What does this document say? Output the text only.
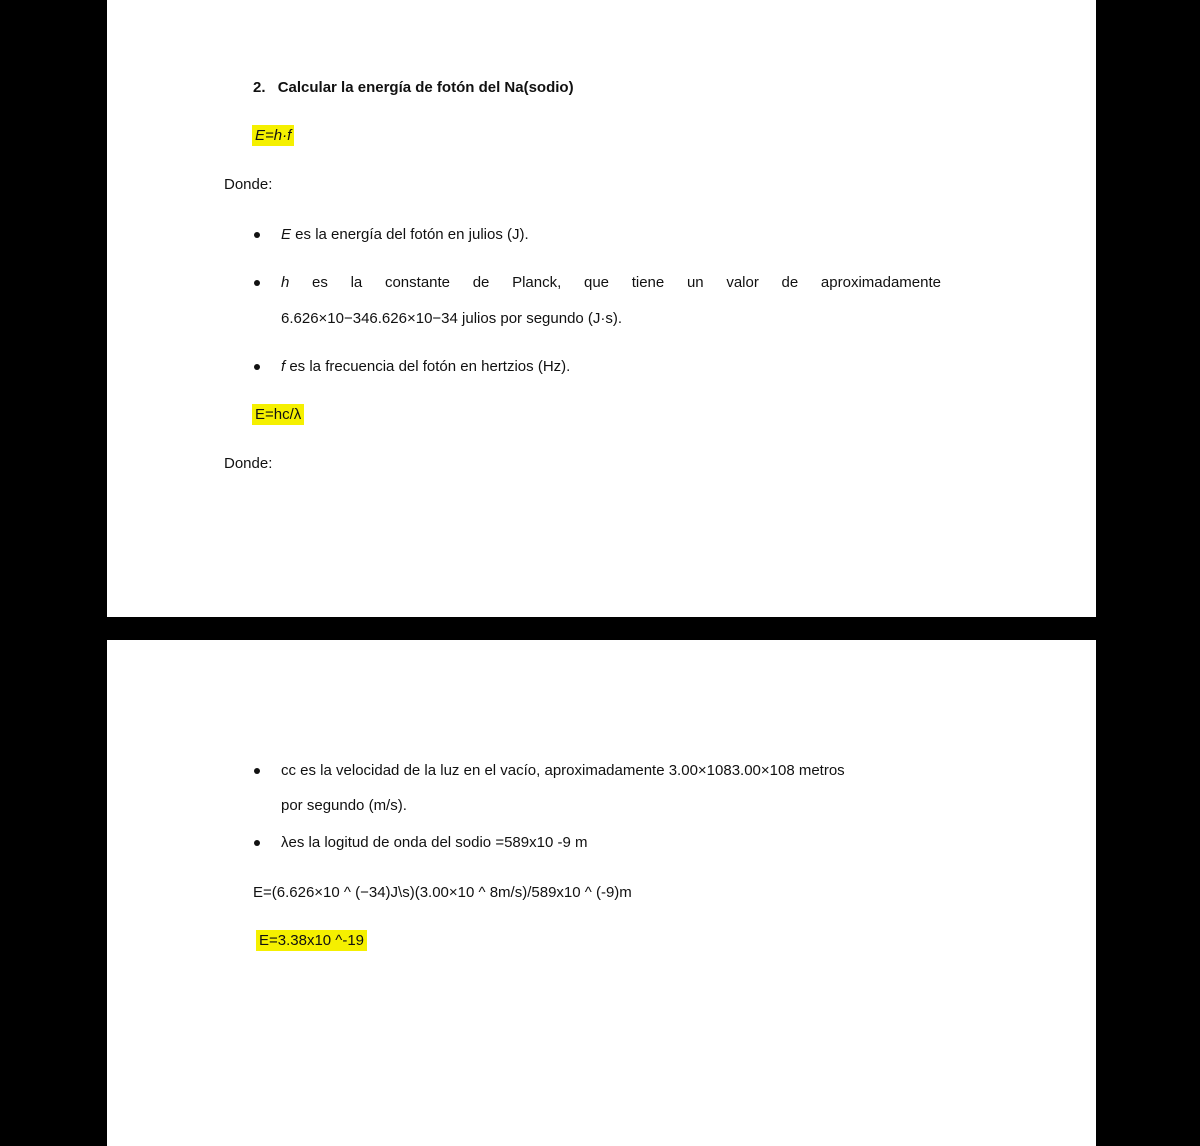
2. Calcular la energía de fotón del Na(sodio)
E=h·f
Donde:
E es la energía del fotón en julios (J).
h es la constante de Planck, que tiene un valor de aproximadamente
6.626×10−346.626×10−34 julios por segundo (J·s).
f es la frecuencia del fotón en hertzios (Hz).
E=hc/λ
Donde:
cc es la velocidad de la luz en el vacío, aproximadamente 3.00×1083.00×108 metros
por segundo (m/s).
λes la logitud de onda del sodio =589x10 -9 m
E=(6.626×10 ^ (−34)J\s)(3.00×10 ^ 8m/s)/589x10 ^ (-9)m
E=3.38x10 ^-19
